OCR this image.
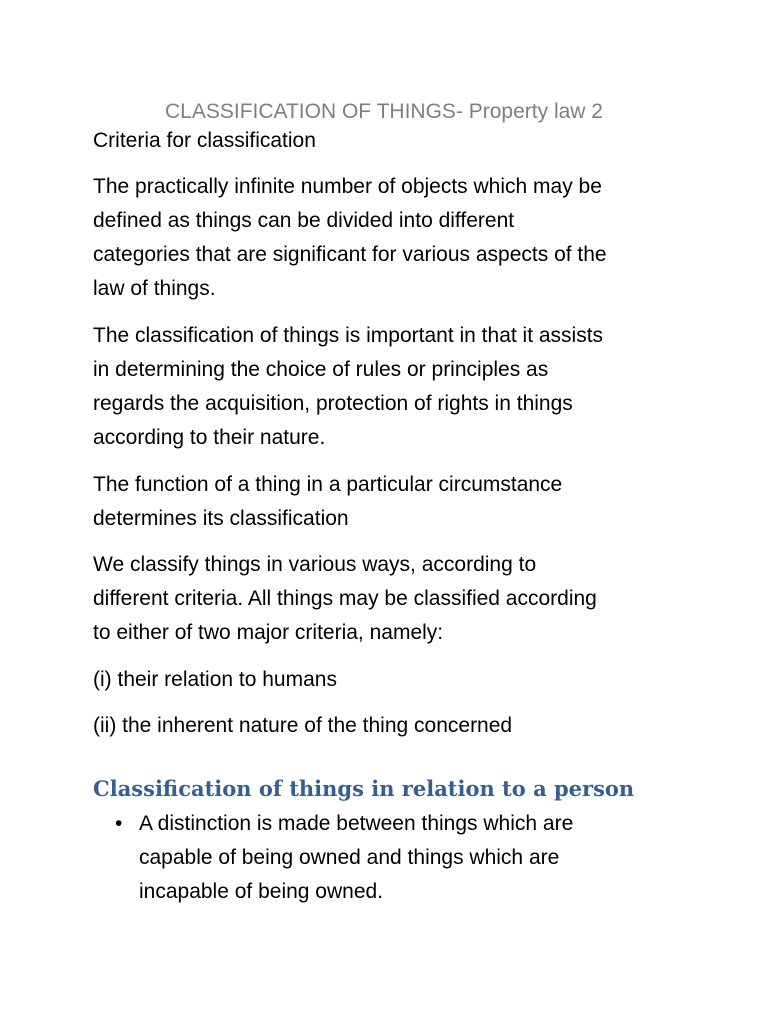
CLASSIFICATION OF THINGS- Property law 2

Criteria for classification

The practically infinite number of objects which may be
defined as things can be divided into different
categories that are significant for various aspects of the
law of things.

The classification of things is important in that it assists
in determining the choice of rules or principles as
regards the acquisition, protection of rights in things
according to their nature.

The function of a thing in a particular circumstance
determines its classification

We classify things in various ways, according to
different criteria. All things may be classified according
to either of two major criteria, namely:

(i) their relation to humans

(ii) the inherent nature of the thing concerned

Classification of things in relation to a person
• A distinction is made between things which are
capable of being owned and things which are
incapable of being owned.
